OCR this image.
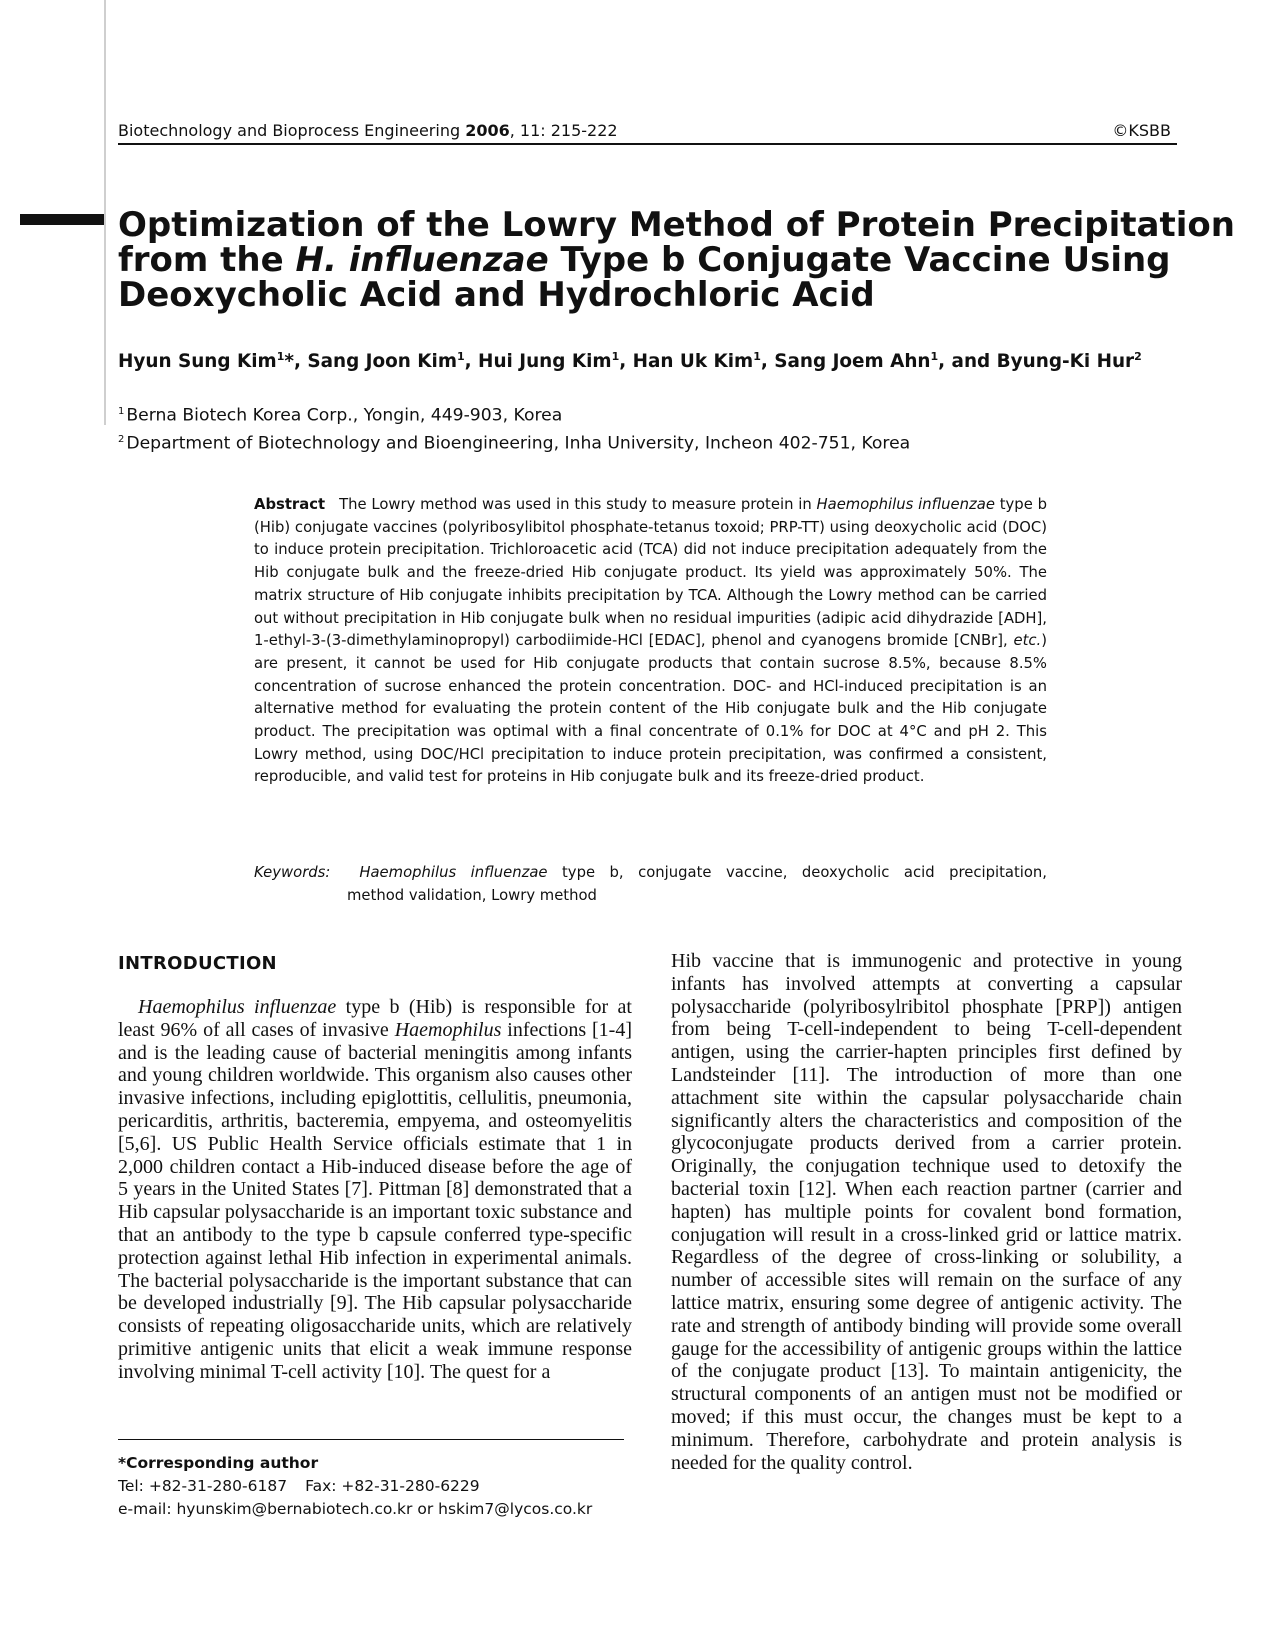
Biotechnology and Bioprocess Engineering 2006, 11: 215-222	©KSBB
Optimization of the Lowry Method of Protein Precipitation
from the H. influenzae Type b Conjugate Vaccine Using
Deoxycholic Acid and Hydrochloric Acid
Hyun Sung Kim$^1$*, Sang Joon Kim$^1$, Hui Jung Kim$^1$, Han Uk Kim$^1$, Sang Joem Ahn$^1$, and Byung-Ki Hur$^2$
$^1$ Berna Biotech Korea Corp., Yongin, 449-903, Korea
$^2$ Department of Biotechnology and Bioengineering, Inha University, Incheon 402-751, Korea

Abstract The Lowry method was used in this study to measure protein in Haemophilus influenzae type b (Hib) conjugate vaccines (polyribosylibitol phosphate-tetanus toxoid; PRP-TT) using deoxycholic acid (DOC) to induce protein precipitation. Trichloroacetic acid (TCA) did not induce precipitation adequately from the Hib conjugate bulk and the freeze-dried Hib conjugate product. Its yield was approximately 50%. The matrix structure of Hib conjugate inhibits precipitation by TCA. Although the Lowry method can be carried out without precipitation in Hib conjugate bulk when no residual impurities (adipic acid dihydrazide [ADH], 1-ethyl-3-(3-dimethylaminopropyl) carbodiimide-HCl [EDAC], phenol and cyanogens bromide [CNBr], etc.) are present, it cannot be used for Hib conjugate products that contain sucrose 8.5%, because 8.5% concentration of sucrose enhanced the protein concentration. DOC- and HCl-induced precipitation is an alternative method for evaluating the protein content of the Hib conjugate bulk and the Hib conjugate product. The precipitation was optimal with a final concentrate of 0.1% for DOC at 4°C and pH 2. This Lowry method, using DOC/HCl precipitation to induce protein precipitation, was confirmed a consistent, reproducible, and valid test for proteins in Hib conjugate bulk and its freeze-dried product.

Keywords: Haemophilus influenzae type b, conjugate vaccine, deoxycholic acid precipitation,
method validation, Lowry method
INTRODUCTION

Haemophilus influenzae type b (Hib) is responsible for at least 96% of all cases of invasive Haemophilus infections [1-4] and is the leading cause of bacterial meningitis among infants and young children worldwide. This organism also causes other invasive infections, including epiglottitis, cellulitis, pneumonia, pericarditis, arthritis, bacteremia, empyema, and osteomyelitis [5,6]. US Public Health Service officials estimate that 1 in 2,000 children contact a Hib-induced disease before the age of 5 years in the United States [7]. Pittman [8] demonstrated that a Hib capsular polysaccharide is an important toxic substance and that an antibody to the type b capsule conferred type-specific protection against lethal Hib infection in experimental animals. The bacterial polysaccharide is the important substance that can be developed industrially [9]. The Hib capsular polysaccharide consists of repeating oligosaccharide units, which are relatively primitive antigenic units that elicit a weak immune response involving minimal T-cell activity [10]. The quest for a

Hib vaccine that is immunogenic and protective in young infants has involved attempts at converting a capsular polysaccharide (polyribosylribitol phosphate [PRP]) antigen from being T-cell-independent to being T-cell-dependent antigen, using the carrier-hapten principles first defined by Landsteinder [11]. The introduction of more than one attachment site within the capsular polysaccharide chain significantly alters the characteristics and composition of the glycoconjugate products derived from a carrier protein. Originally, the conjugation technique used to detoxify the bacterial toxin [12]. When each reaction partner (carrier and hapten) has multiple points for covalent bond formation, conjugation will result in a cross-linked grid or lattice matrix. Regardless of the degree of cross-linking or solubility, a number of accessible sites will remain on the surface of any lattice matrix, ensuring some degree of antigenic activity. The rate and strength of antibody binding will provide some overall gauge for the accessibility of antigenic groups within the lattice of the conjugate product [13]. To maintain antigenicity, the structural components of an antigen must not be modified or moved; if this must occur, the changes must be kept to a minimum. Therefore, carbohydrate and protein analysis is needed for the quality control.

*Corresponding author
Tel: +82-31-280-6187 Fax: +82-31-280-6229
e-mail: hyunskim@bernabiotech.co.kr or hskim7@lycos.co.kr
